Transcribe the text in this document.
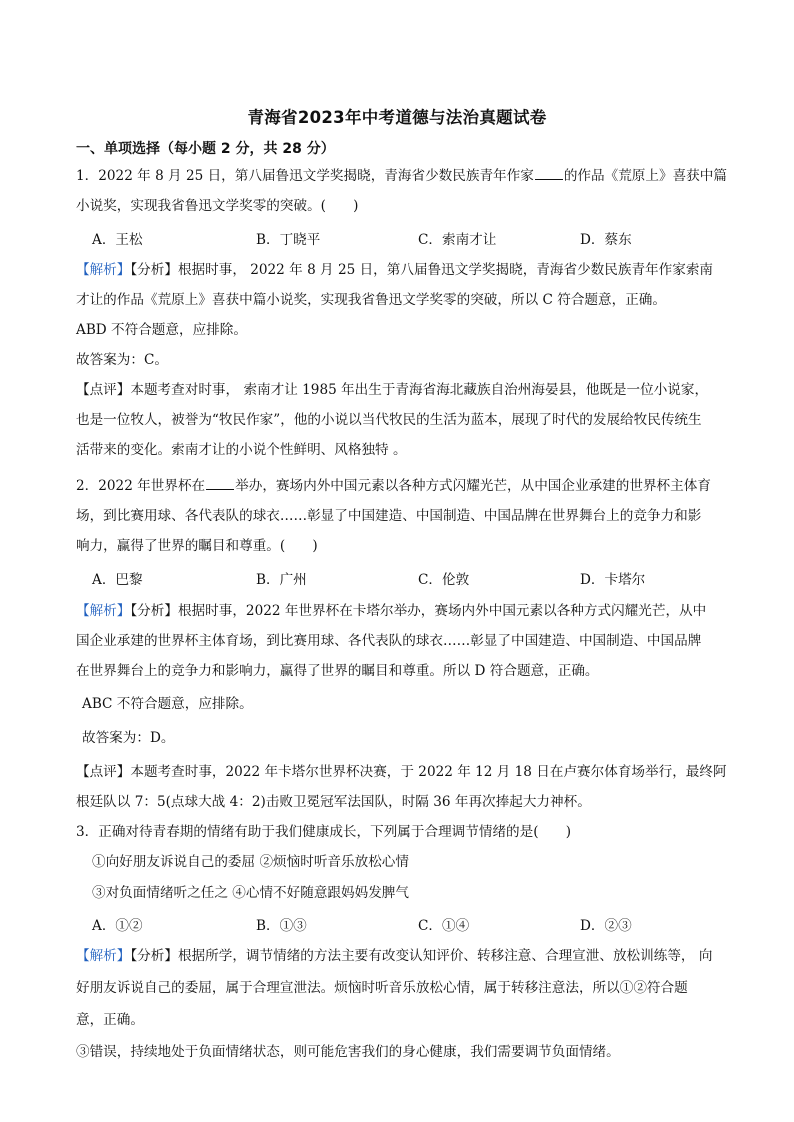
青海省2023年中考道德与法治真题试卷
一、单项选择（每小题 2 分，共 28 分）
1．2022 年 8 月 25 日，第八届鲁迅文学奖揭晓，青海省少数民族青年作家 的作品《荒原上》喜获中篇
小说奖，实现我省鲁迅文学奖零的突破。(　　)
A．王松	B．丁晓平	C．索南才让	D．蔡东
【解析】【分析】根据时事， 2022 年 8 月 25 日，第八届鲁迅文学奖揭晓，青海省少数民族青年作家索南
才让的作品《荒原上》喜获中篇小说奖，实现我省鲁迅文学奖零的突破，所以 C 符合题意，正确。
ABD 不符合题意，应排除。
故答案为：C。
【点评】本题考查对时事， 索南才让 1985 年出生于青海省海北藏族自治州海晏县，他既是一位小说家，
也是一位牧人，被誉为“牧民作家”，他的小说以当代牧民的生活为蓝本，展现了时代的发展给牧民传统生
活带来的变化。索南才让的小说个性鲜明、风格独特 。
2．2022 年世界杯在 举办，赛场内外中国元素以各种方式闪耀光芒，从中国企业承建的世界杯主体育
场，到比赛用球、各代表队的球衣……彰显了中国建造、中国制造、中国品牌在世界舞台上的竞争力和影
响力，赢得了世界的瞩目和尊重。(　　)
A．巴黎	B．广州	C．伦敦	D．卡塔尔
【解析】【分析】根据时事，2022 年世界杯在卡塔尔举办，赛场内外中国元素以各种方式闪耀光芒，从中
国企业承建的世界杯主体育场，到比赛用球、各代表队的球衣……彰显了中国建造、中国制造、中国品牌
在世界舞台上的竞争力和影响力，赢得了世界的瞩目和尊重。所以 D 符合题意，正确。
ABC 不符合题意，应排除。
故答案为：D。
【点评】本题考查时事，2022 年卡塔尔世界杯决赛，于 2022 年 12 月 18 日在卢赛尔体育场举行，最终阿
根廷队以 7：5(点球大战 4：2)击败卫冕冠军法国队，时隔 36 年再次捧起大力神杯。
3．正确对待青春期的情绪有助于我们健康成长，下列属于合理调节情绪的是(　　)
①向好朋友诉说自己的委屈 ②烦恼时听音乐放松心情
③对负面情绪听之任之 ④心情不好随意跟妈妈发脾气
A．①②	B．①③	C．①④	D．②③
【解析】【分析】根据所学，调节情绪的方法主要有改变认知评价、转移注意、合理宣泄、放松训练等， 向
好朋友诉说自己的委屈，属于合理宣泄法。烦恼时听音乐放松心情，属于转移注意法，所以①②符合题
意，正确。
③错误，持续地处于负面情绪状态，则可能危害我们的身心健康，我们需要调节负面情绪。
